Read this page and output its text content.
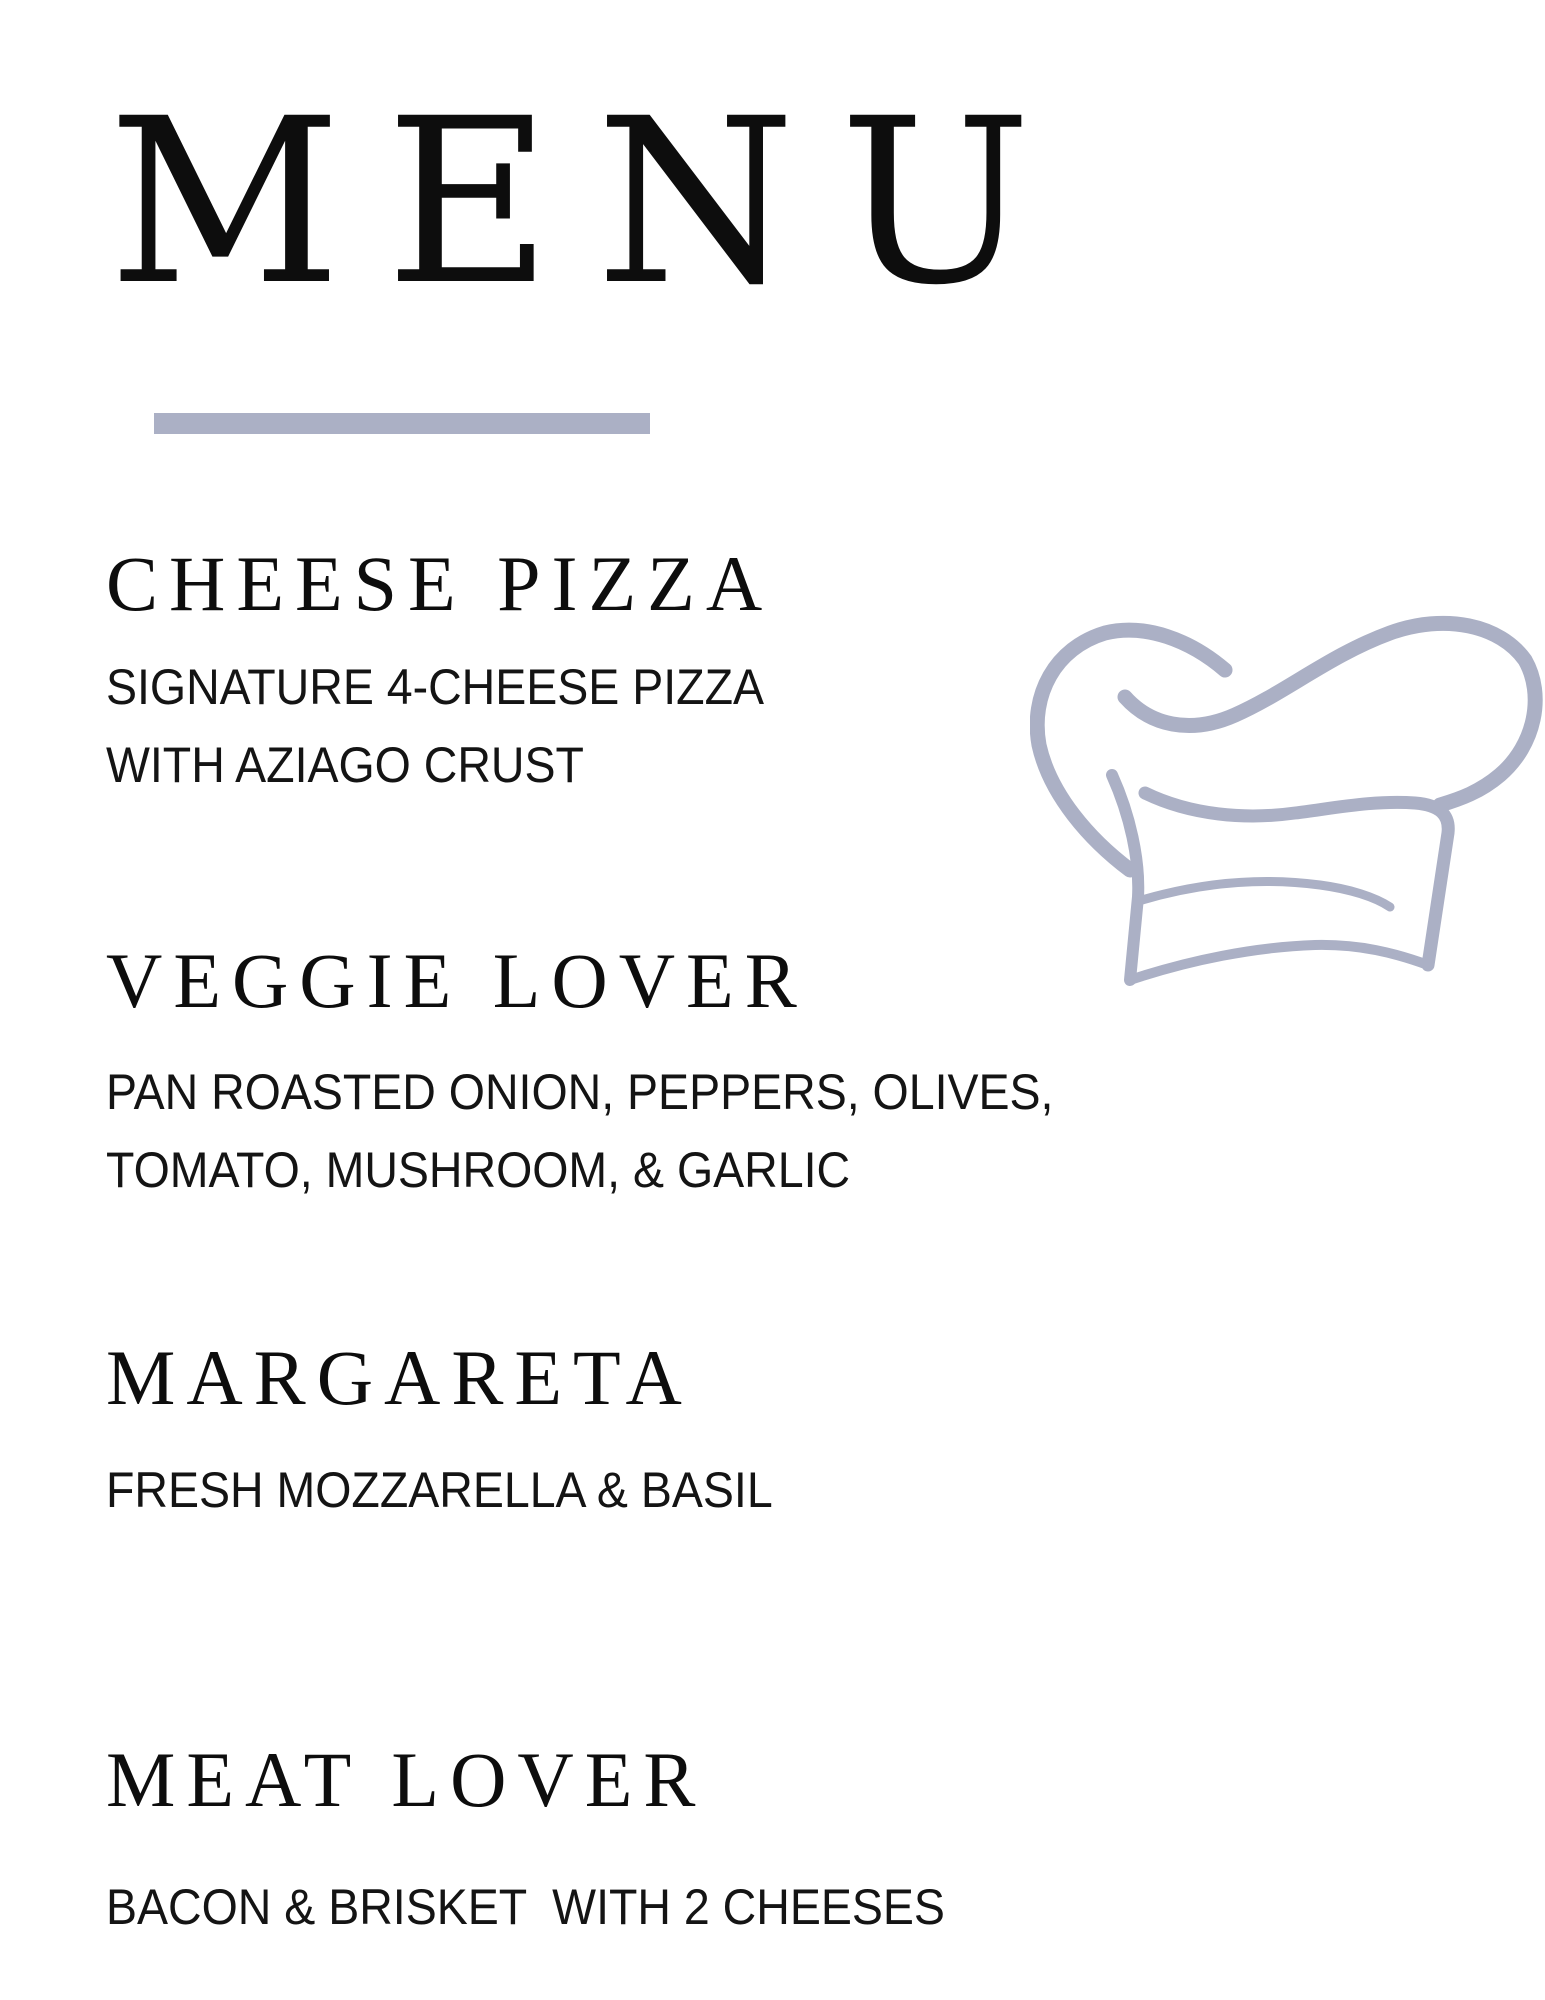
MENU
CHEESE PIZZA

SIGNATURE 4-CHEESE PIZZA

WITH AZIAGO CRUST

VEGGIE LOVER

PAN ROASTED ONION, PEPPERS, OLIVES,

TOMATO, MUSHROOM, & GARLIC

MARGARETA

FRESH MOZZARELLA & BASIL

MEAT LOVER

BACON & BRISKET  WITH 2 CHEESES
